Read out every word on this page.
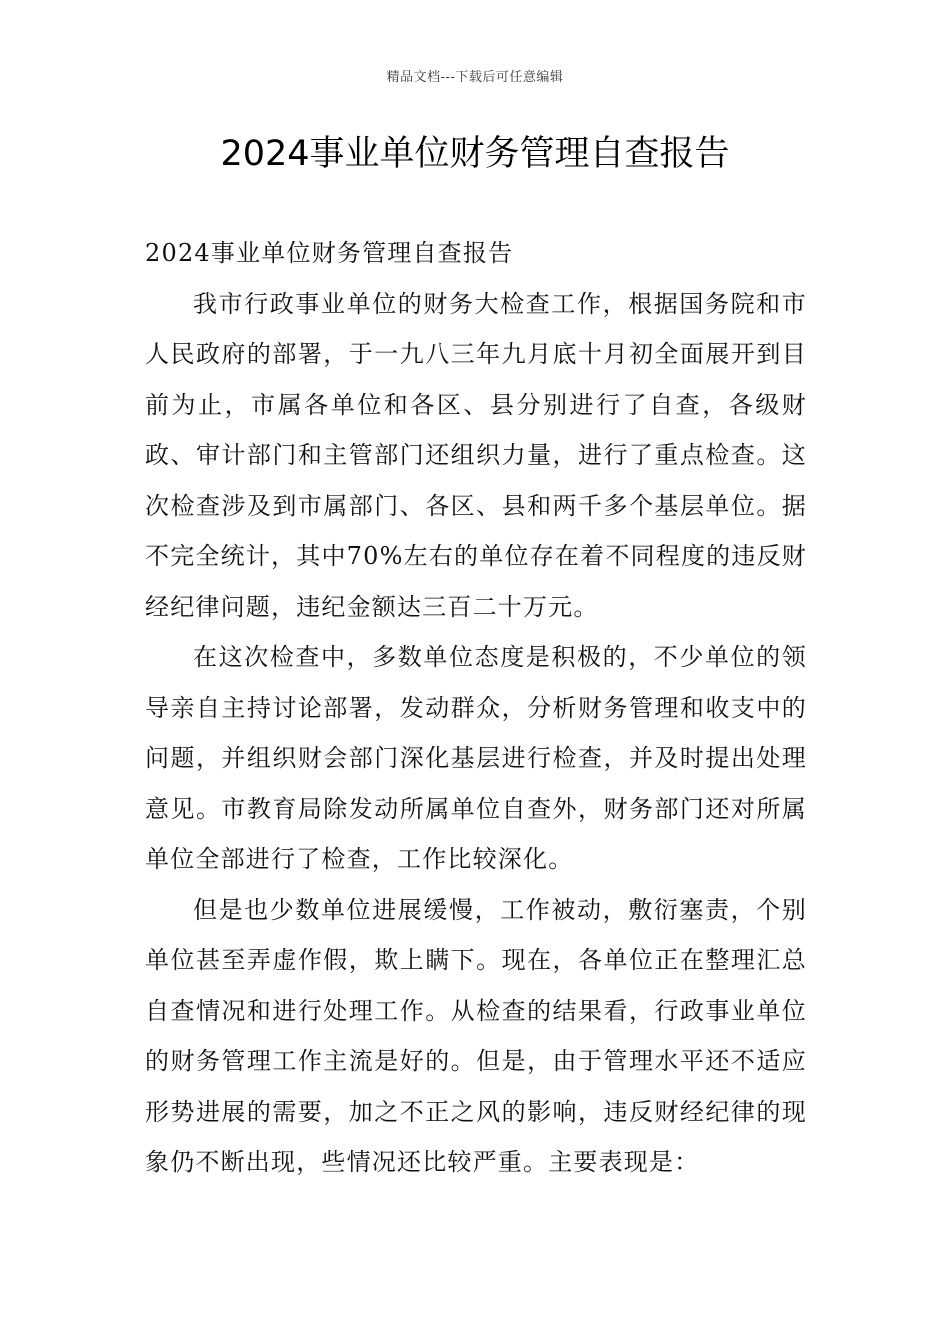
精品文档---下载后可任意编辑
2024事业单位财务管理自查报告

2024事业单位财务管理自查报告

我市行政事业单位的财务大检查工作，根据国务院和市人民政府的部署，于一九八三年九月底十月初全面展开到目前为止，市属各单位和各区、县分别进行了自查，各级财政、审计部门和主管部门还组织力量，进行了重点检查。这次检查涉及到市属部门、各区、县和两千多个基层单位。据不完全统计，其中70%左右的单位存在着不同程度的违反财经纪律问题，违纪金额达三百二十万元。

在这次检查中，多数单位态度是积极的，不少单位的领导亲自主持讨论部署，发动群众，分析财务管理和收支中的问题，并组织财会部门深化基层进行检查，并及时提出处理意见。市教育局除发动所属单位自查外，财务部门还对所属单位全部进行了检查，工作比较深化。

但是也少数单位进展缓慢，工作被动，敷衍塞责，个别单位甚至弄虚作假，欺上瞒下。现在，各单位正在整理汇总自查情况和进行处理工作。从检查的结果看，行政事业单位的财务管理工作主流是好的。但是，由于管理水平还不适应形势进展的需要，加之不正之风的影响，违反财经纪律的现象仍不断出现，些情况还比较严重。主要表现是：
